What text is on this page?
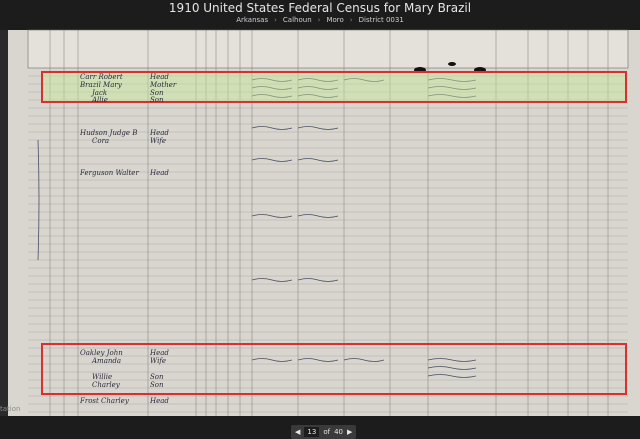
1910 United States Federal Census for Mary Brazil
Arkansas › Calhoun › Moro › District 0031
Carr Robert	Head
Brazil Mary	Mother
Jack	Son
Allie	Son
Hudson Judge B Head
Cora	Wife
Ferguson Walter Head
Oakley John	Head
Amanda	Wife
Willie	Son
Charley	Son
Frost Charley	Head
◀	13	of 40 ▶
tation
